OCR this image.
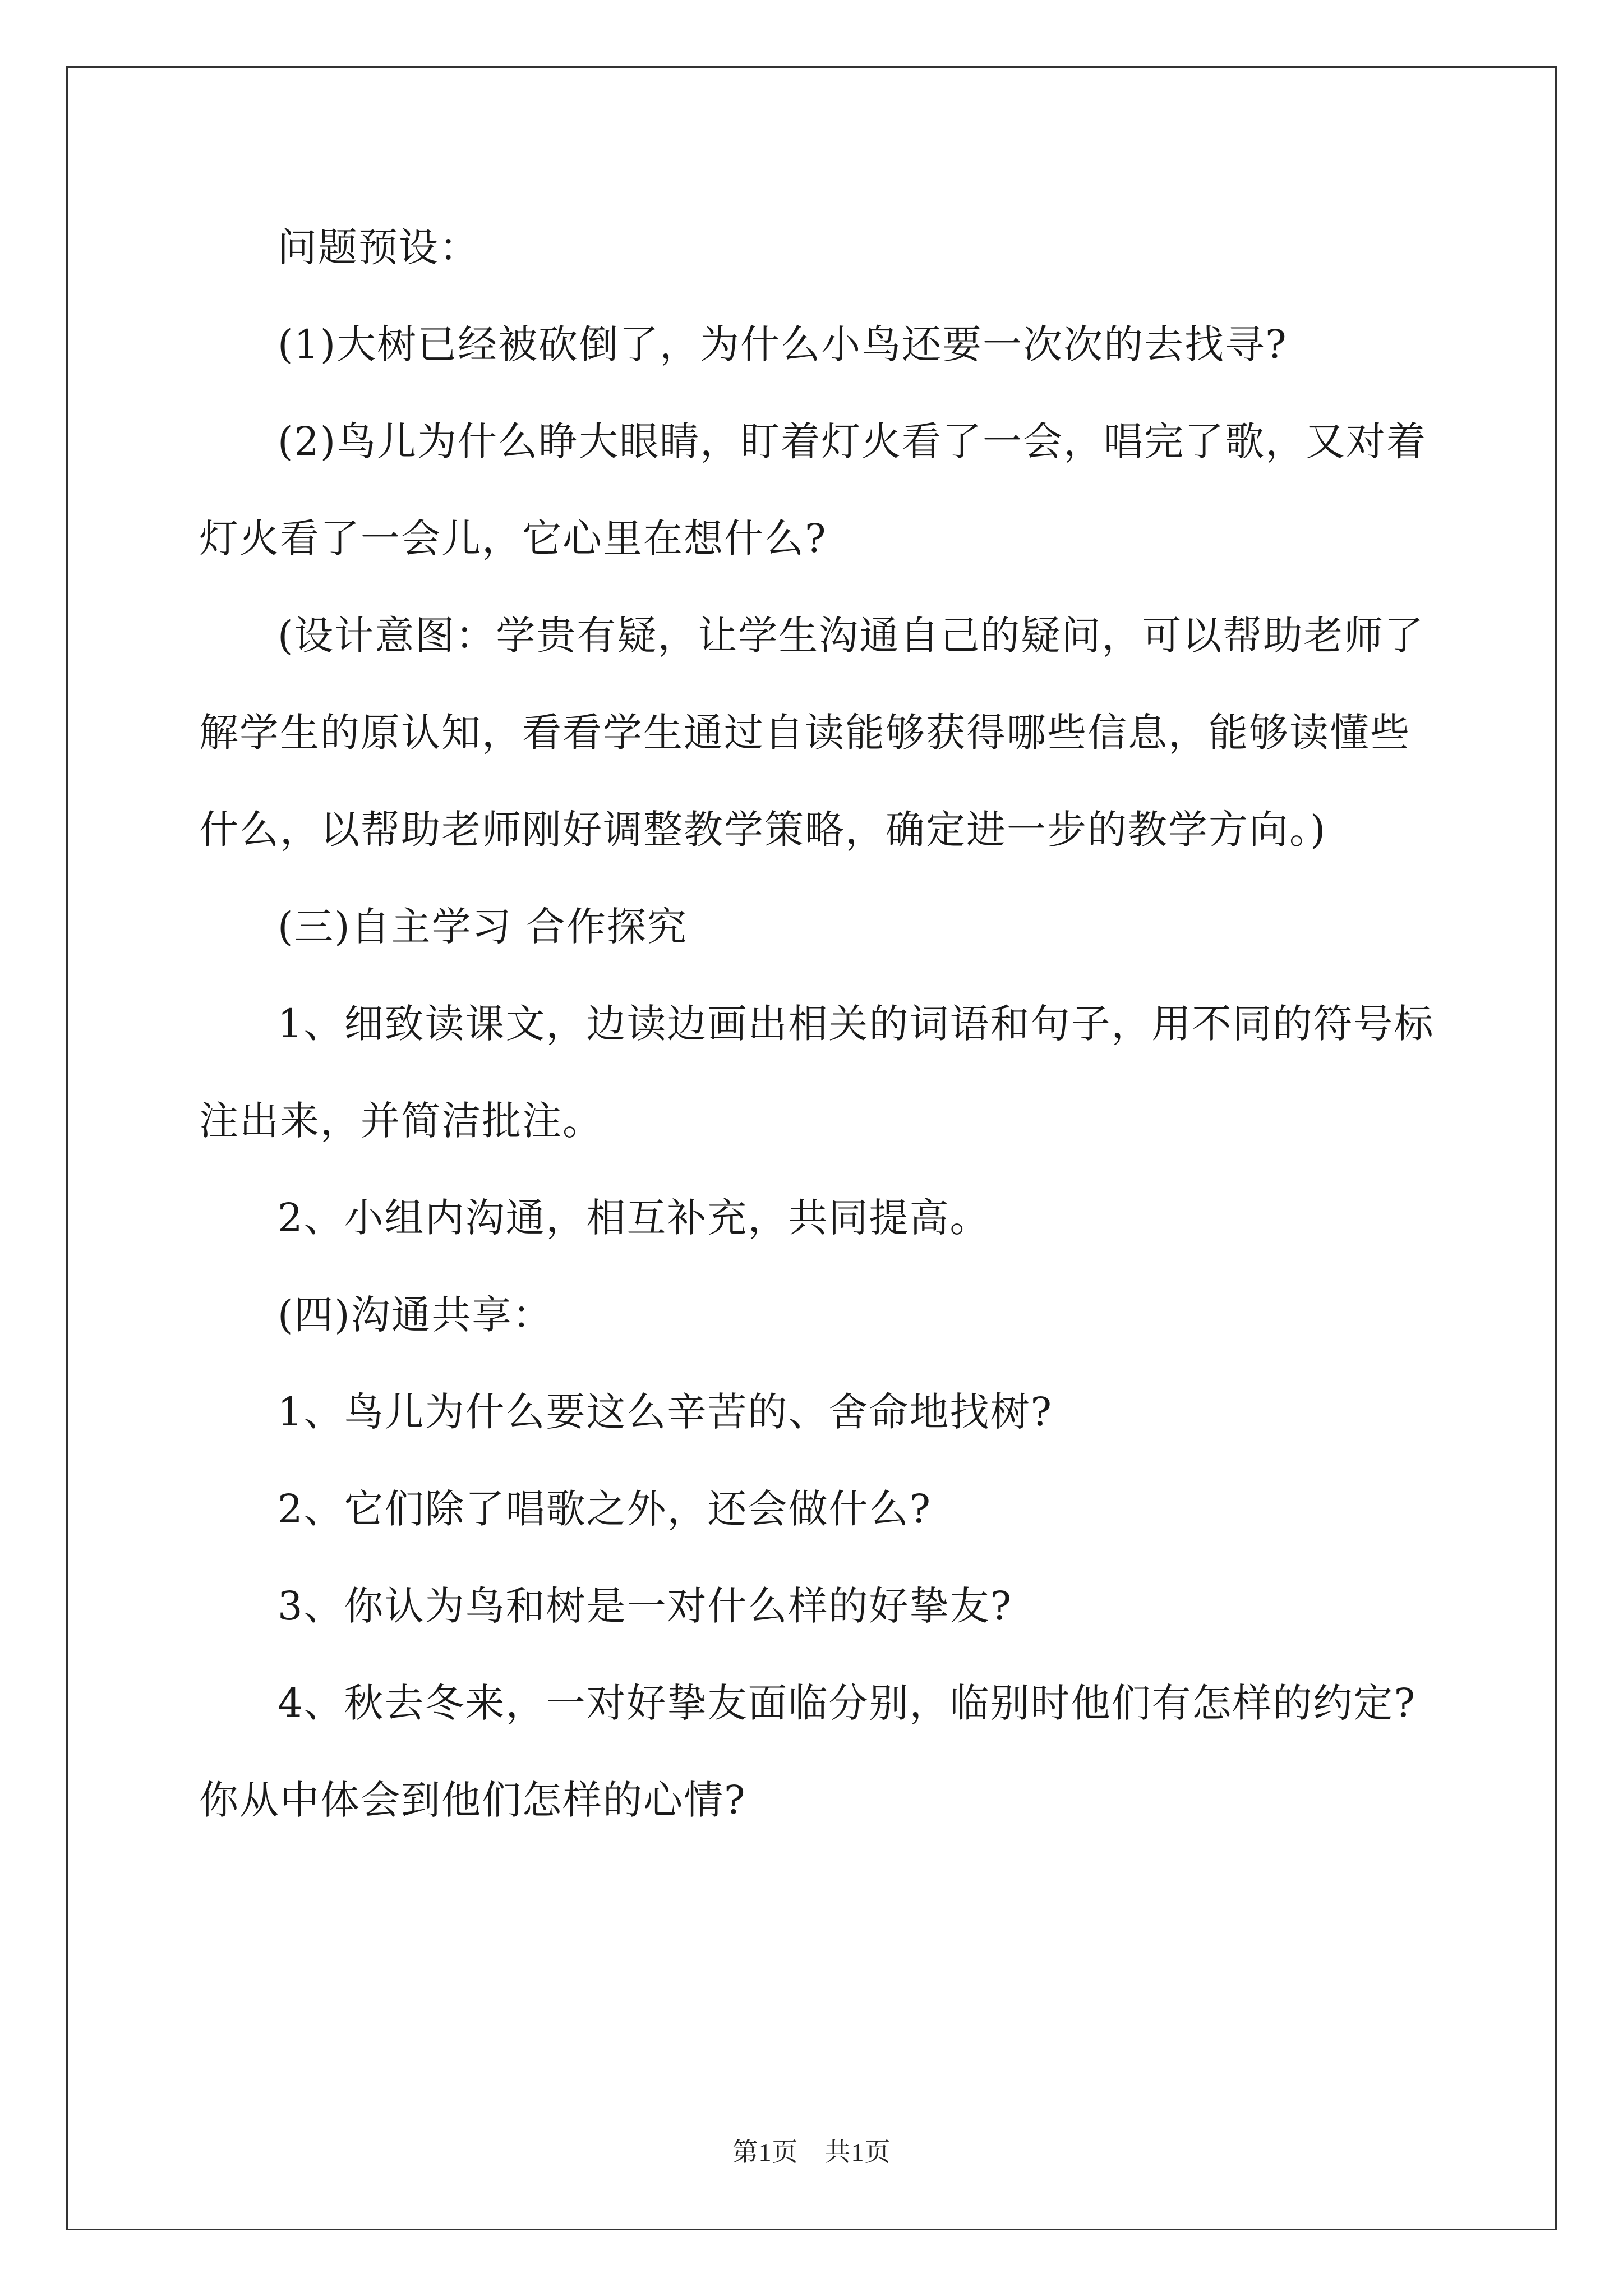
问题预设：

(1)大树已经被砍倒了，为什么小鸟还要一次次的去找寻?

(2)鸟儿为什么睁大眼睛，盯着灯火看了一会，唱完了歌，又对着灯火看了一会儿，它心里在想什么?

(设计意图：学贵有疑，让学生沟通自己的疑问，可以帮助老师了解学生的原认知，看看学生通过自读能够获得哪些信息，能够读懂些什么，以帮助老师刚好调整教学策略，确定进一步的教学方向。)

(三)自主学习 合作探究

1、细致读课文，边读边画出相关的词语和句子，用不同的符号标注出来，并简洁批注。

2、小组内沟通，相互补充，共同提高。

(四)沟通共享：

1、鸟儿为什么要这么辛苦的、舍命地找树?

2、它们除了唱歌之外，还会做什么?

3、你认为鸟和树是一对什么样的好挚友?

4、秋去冬来，一对好挚友面临分别，临别时他们有怎样的约定?你从中体会到他们怎样的心情?

第1页　共1页
